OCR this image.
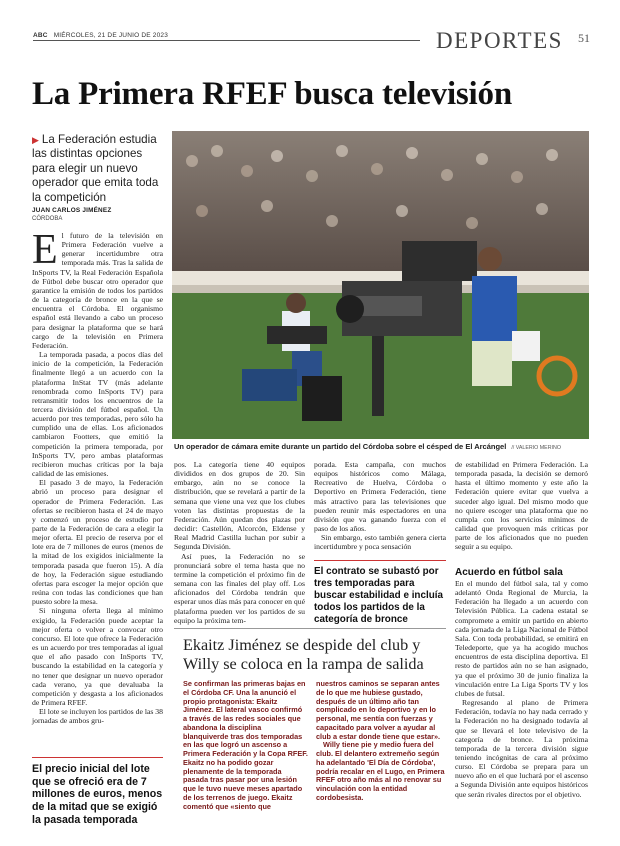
ABC MIÉRCOLES, 21 DE JUNIO DE 2023	DEPORTES 51
La Primera RFEF busca televisión
▶ La Federación estudia las distintas opciones para elegir un nuevo operador que emita toda la competición
JUAN CARLOS JIMÉNEZ
CÓRDOBA

El futuro de la televisión en Primera Federación vuelve a generar incertidumbre otra temporada más. Tras la salida de InSports TV, la Real Federación Española de Fútbol debe buscar otro operador que garantice la emisión de todos los partidos de la categoría de bronce en la que se encuentra el Córdoba. El organismo español está llevando a cabo un proceso para designar la plataforma que se hará cargo de la televisión en Primera Federación.

La temporada pasada, a pocos días del inicio de la competición, la Federación finalmente llegó a un acuerdo con la plataforma InStat TV (más adelante renombrada como InSports TV) para retransmitir todos los encuentros de la tercera división del fútbol español. Un acuerdo por tres temporadas, pero sólo ha cumplido una de ellas. Los aficionados cambiaron Footters, que emitió la competición la primera temporada, por InSports TV, pero ambas plataformas recibieron muchas críticas por la baja calidad de las emisiones.

El pasado 3 de mayo, la Federación abrió un proceso para designar el operador de Primera Federación. Las ofertas se recibieron hasta el 24 de mayo y comenzó un proceso de estudio por parte de la Federación de cara a elegir la mejor oferta. El precio de reserva por el lote era de 7 millones de euros (menos de la mitad de los exigidos inicialmente la temporada pasada que fueron 15). A día de hoy, la Federación sigue estudiando ofertas para escoger la mejor opción que reúna con todas las condiciones que han puesto sobre la mesa.

Si ninguna oferta llega al mínimo exigido, la Federación puede aceptar la mejor oferta o volver a convocar otro concurso. El lote que ofrece la Federación es un acuerdo por tres temporadas al igual que el año pasado con InSports TV, buscando la estabilidad en la categoría y no tener que designar un nuevo operador cada verano, ya que devaluaba la competición y desgasta a los aficionados de Primera RFEF.

El lote se incluyen los partidos de las 38 jornadas de ambos gru-

El precio inicial del lote que se ofreció era de 7 millones de euros, menos de la mitad que se exigió la pasada temporada
Un operador de cámara emite durante un partido del Córdoba sobre el césped de El Arcángel // VALERIO MERINO

pos. La categoría tiene 40 equipos divididos en dos grupos de 20. Sin embargo, aún no se conoce la distribución, que se revelará a partir de la semana que viene una vez que los clubes voten las distintas propuestas de la Federación. Aún quedan dos plazas por decidir: Castellón, Alcorcón, Eldense y Real Madrid Castilla luchan por subir a Segunda División.

Así pues, la Federación no se pronunciará sobre el tema hasta que no termine la competición el próximo fin de semana con las finales del play off. Los aficionados del Córdoba tendrán que esperar unos días más para conocer en qué plataforma pueden ver los partidos de su equipo la próxima tem-

porada. Esta campaña, con muchos equipos históricos como Málaga, Recreativo de Huelva, Córdoba o Deportivo en Primera Federación, tiene más atractivo para las televisiones que pueden reunir más espectadores en una división que va ganando fuerza con el paso de los años.

Sin embargo, esto también genera cierta incertidumbre y poca sensación

El contrato se subastó por tres temporadas para buscar estabilidad e incluía todos los partidos de la categoría de bronce

de estabilidad en Primera Federación. La temporada pasada, la decisión se demoró hasta el último momento y este año la Federación quiere evitar que vuelva a suceder algo igual. Del mismo modo que no quiere escoger una plataforma que no cumpla con los servicios mínimos de calidad que provoquen más críticas por parte de los aficionados que no pueden seguir a su equipo.

Acuerdo en fútbol sala

En el mundo del fútbol sala, tal y como adelantó Onda Regional de Murcia, la Federación ha llegado a un acuerdo con Televisión Pública. La cadena estatal se compromete a emitir un partido en abierto cada jornada de la Liga Nacional de Fútbol Sala. Con toda probabilidad, se emitirá en Teledeporte, que ya ha acogido muchos encuentros de esta disciplina deportiva. El resto de partidos aún no se han asignado, ya que el próximo 30 de junio finaliza la vinculación entre La Liga Sports TV y los clubes de futsal.

Regresando al plano de Primera Federación, todavía no hay nada cerrado y la Federación no ha designado todavía al que se llevará el lote televisivo de la categoría de bronce. La próxima temporada de la tercera división sigue teniendo incógnitas de cara al próximo curso. El Córdoba se prepara para un nuevo año en el que luchará por el ascenso a Segunda División ante equipos históricos que serán rivales directos por el objetivo.

Ekaitz Jiménez se despide del club y Willy se coloca en la rampa de salida

Se confirman las primeras bajas en el Córdoba CF. Una la anunció el propio protagonista: Ekaitz Jiménez. El lateral vasco confirmó a través de las redes sociales que abandona la disciplina blanquiverde tras dos temporadas en las que logró un ascenso a Primera Federación y la Copa RFEF. Ekaitz no ha podido gozar plenamente de la temporada pasada tras pasar por una lesión que le tuvo nueve meses apartado de los terrenos de juego. Ekaitz comentó que «siento que

nuestros caminos se separan antes de lo que me hubiese gustado, después de un último año tan complicado en lo deportivo y en lo personal, me sentía con fuerzas y capacitado para volver a ayudar al club a estar donde tiene que estar».

Willy tiene pie y medio fuera del club. El delantero extremeño según ha adelantado 'El Día de Córdoba', podría recalar en el Lugo, en Primera RFEF otro año más al no renovar su vinculación con la entidad cordobesista.
